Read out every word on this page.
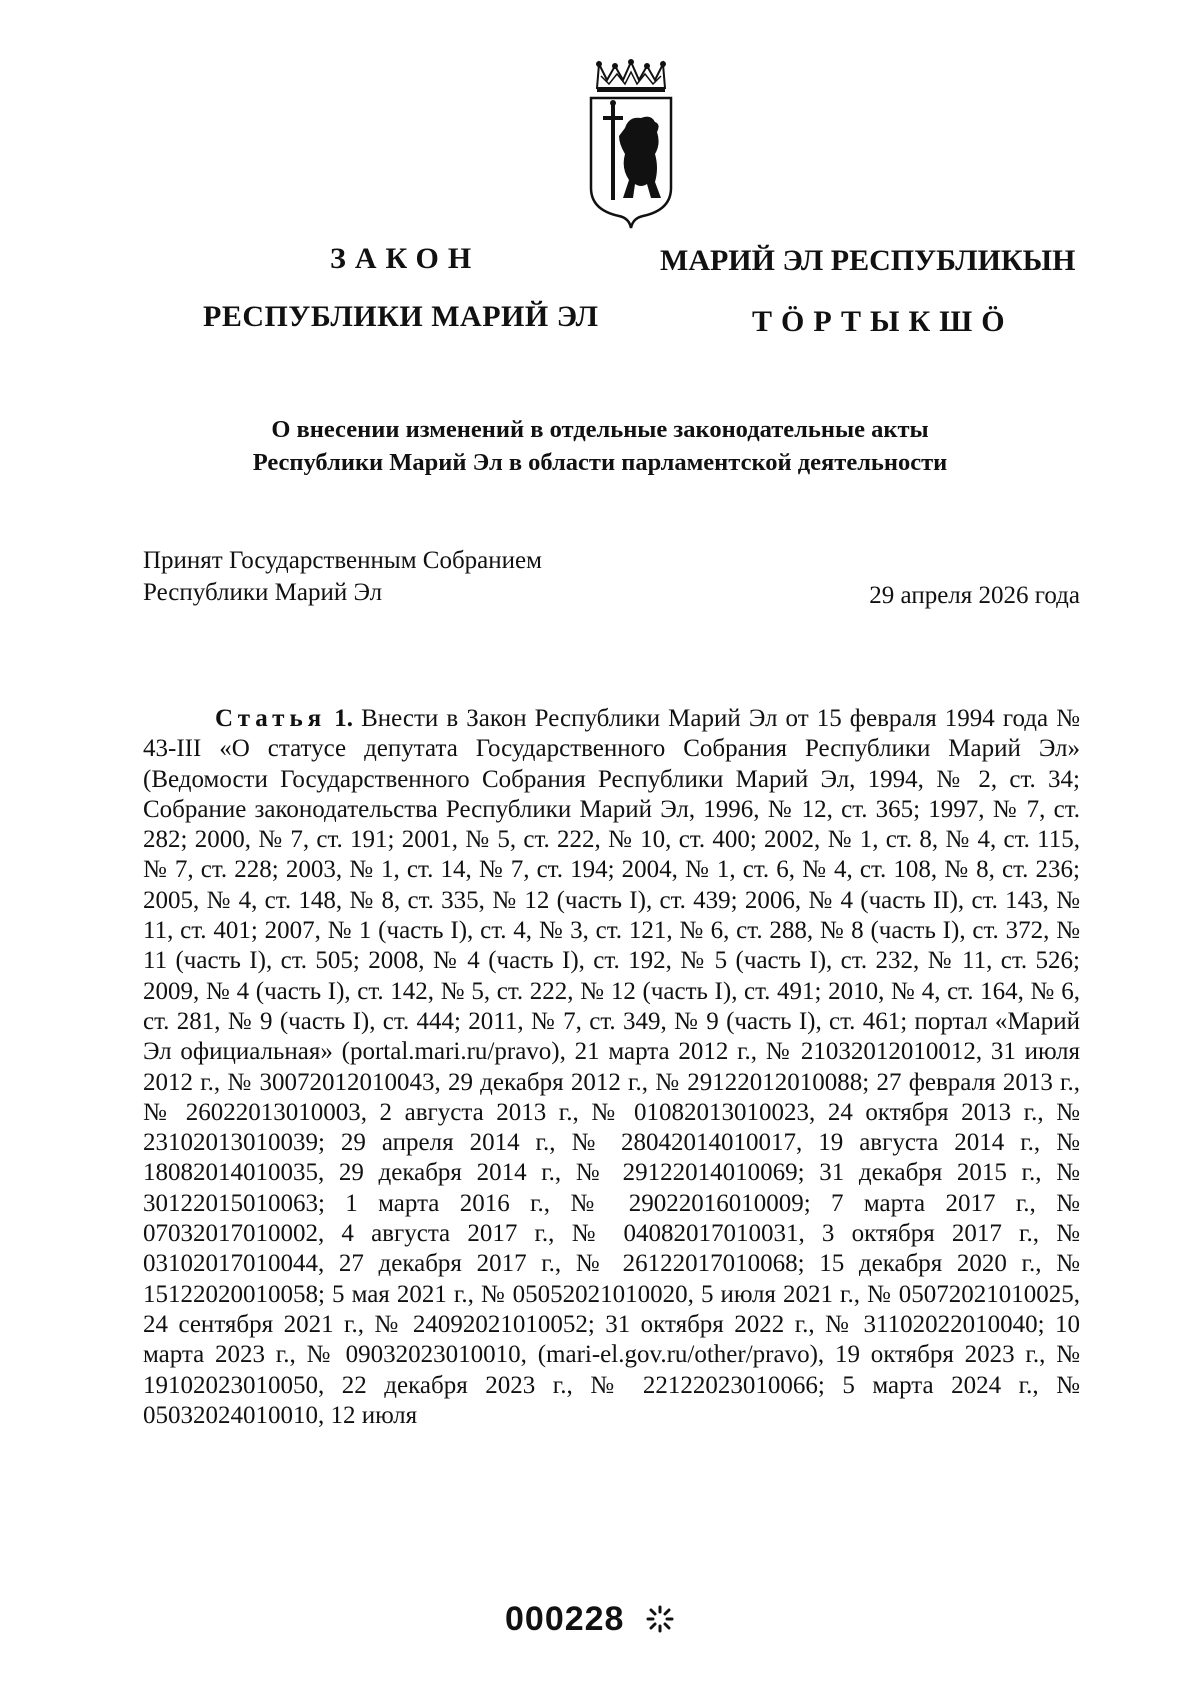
ЗАКОН
РЕСПУБЛИКИ МАРИЙ ЭЛ
МАРИЙ ЭЛ РЕСПУБЛИКЫН
ТӦРТЫКШӦ
О внесении изменений в отдельные законодательные акты
Республики Марий Эл в области парламентской деятельности
Принят Государственным Собранием
Республики Марий Эл	29 апреля 2026 года
Статья 1. Внести в Закон Республики Марий Эл от 15 февраля 1994 года № 43-III «О статусе депутата Государственного Собрания Республики Марий Эл» (Ведомости Государственного Собрания Республики Марий Эл, 1994, № 2, ст. 34; Собрание законодательства Республики Марий Эл, 1996, № 12, ст. 365; 1997, № 7, ст. 282; 2000, № 7, ст. 191; 2001, № 5, ст. 222, № 10, ст. 400; 2002, № 1, ст. 8, № 4, ст. 115, № 7, ст. 228; 2003, № 1, ст. 14, № 7, ст. 194; 2004, № 1, ст. 6, № 4, ст. 108, № 8, ст. 236; 2005, № 4, ст. 148, № 8, ст. 335, № 12 (часть I), ст. 439; 2006, № 4 (часть II), ст. 143, № 11, ст. 401; 2007, № 1 (часть I), ст. 4, № 3, ст. 121, № 6, ст. 288, № 8 (часть I), ст. 372, № 11 (часть I), ст. 505; 2008, № 4 (часть I), ст. 192, № 5 (часть I), ст. 232, № 11, ст. 526; 2009, № 4 (часть I), ст. 142, № 5, ст. 222, № 12 (часть I), ст. 491; 2010, № 4, ст. 164, № 6, ст. 281, № 9 (часть I), ст. 444; 2011, № 7, ст. 349, № 9 (часть I), ст. 461; портал «Марий Эл официальная» (portal.mari.ru/pravo), 21 марта 2012 г., № 21032012010012, 31 июля 2012 г., № 30072012010043, 29 декабря 2012 г., № 29122012010088; 27 февраля 2013 г., № 26022013010003, 2 августа 2013 г., № 01082013010023, 24 октября 2013 г., № 23102013010039; 29 апреля 2014 г., № 28042014010017, 19 августа 2014 г., № 18082014010035, 29 декабря 2014 г., № 29122014010069; 31 декабря 2015 г., № 30122015010063; 1 марта 2016 г., № 29022016010009; 7 марта 2017 г., № 07032017010002, 4 августа 2017 г., № 04082017010031, 3 октября 2017 г., № 03102017010044, 27 декабря 2017 г., № 26122017010068; 15 декабря 2020 г., № 15122020010058; 5 мая 2021 г., № 05052021010020, 5 июля 2021 г., № 05072021010025, 24 сентября 2021 г., № 24092021010052; 31 октября 2022 г., № 31102022010040; 10 марта 2023 г., № 09032023010010, (mari-el.gov.ru/other/pravo), 19 октября 2023 г., № 19102023010050, 22 декабря 2023 г., № 22122023010066; 5 марта 2024 г., № 05032024010010, 12 июля
000228
